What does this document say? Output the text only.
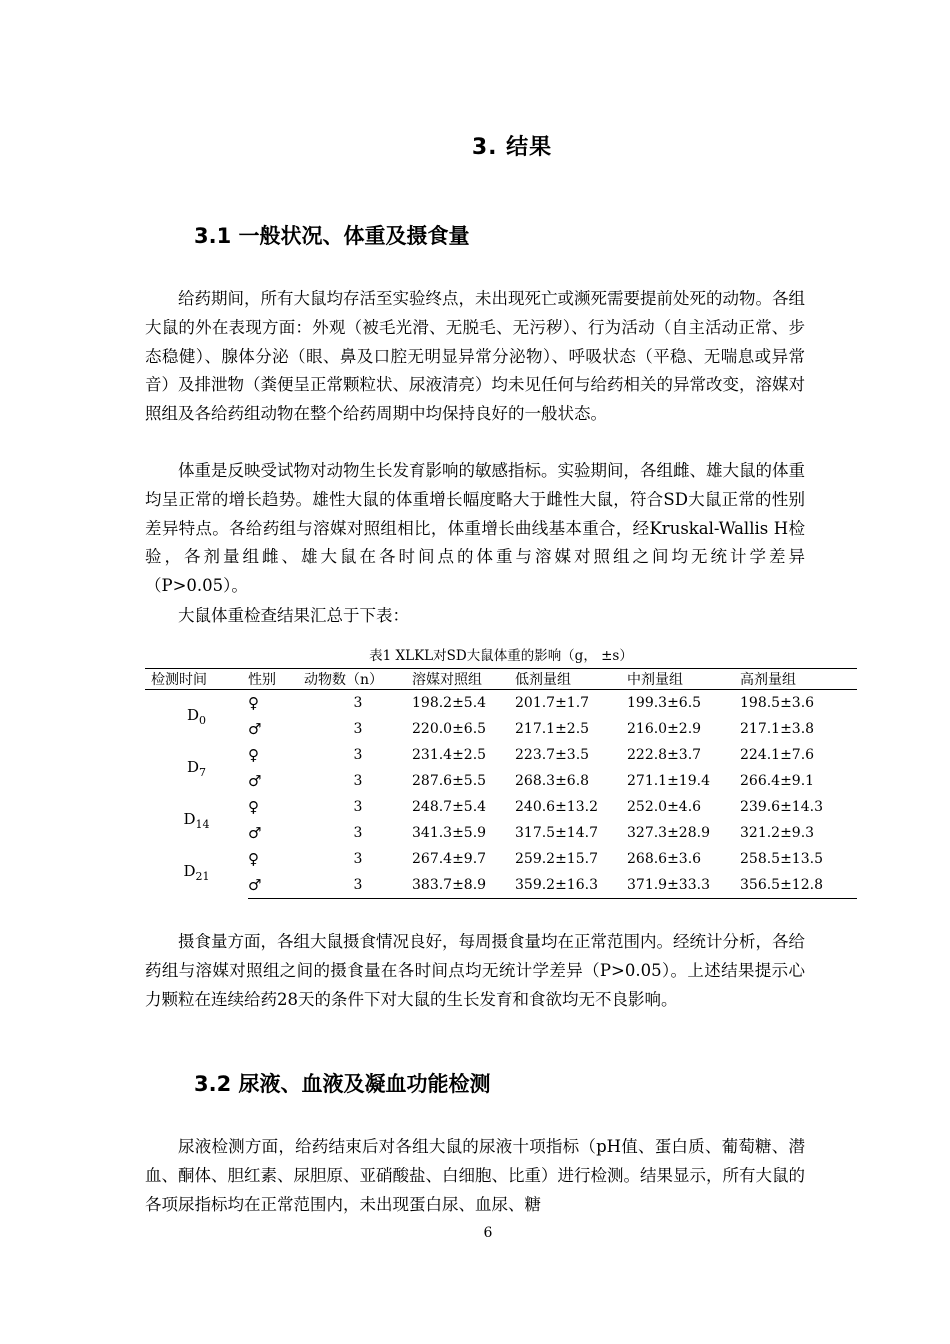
3. 结果
3.1 一般状况、体重及摄食量

给药期间，所有大鼠均存活至实验终点，未出现死亡或濒死需要提前处死的动物。各组大鼠的外在表现方面：外观（被毛光滑、无脱毛、无污秽）、行为活动（自主活动正常、步态稳健）、腺体分泌（眼、鼻及口腔无明显异常分泌物）、呼吸状态（平稳、无喘息或异常音）及排泄物（粪便呈正常颗粒状、尿液清亮）均未见任何与给药相关的异常改变，溶媒对照组及各给药组动物在整个给药周期中均保持良好的一般状态。

体重是反映受试物对动物生长发育影响的敏感指标。实验期间，各组雌、雄大鼠的体重均呈正常的增长趋势。雄性大鼠的体重增长幅度略大于雌性大鼠，符合SD大鼠正常的性别差异特点。各给药组与溶媒对照组相比，体重增长曲线基本重合，经Kruskal-Wallis H检验，各剂量组雌、雄大鼠在各时间点的体重与溶媒对照组之间均无统计学差异（P>0.05）。

大鼠体重检查结果汇总于下表：

表1 XLKL对SD大鼠体重的影响（g， ±s）
检测时间	性别	动物数（n）	溶媒对照组	低剂量组	中剂量组	高剂量组
$D_0$	♀	3	198.2±5.4	201.7±1.7	199.3±6.5	198.5±3.6
	♂	3	220.0±6.5	217.1±2.5	216.0±2.9	217.1±3.8
$D_7$	♀	3	231.4±2.5	223.7±3.5	222.8±3.7	224.1±7.6
	♂	3	287.6±5.5	268.3±6.8	271.1±19.4	266.4±9.1
$D_{14}$	♀	3	248.7±5.4	240.6±13.2	252.0±4.6	239.6±14.3
	♂	3	341.3±5.9	317.5±14.7	327.3±28.9	321.2±9.3
$D_{21}$	♀	3	267.4±9.7	259.2±15.7	268.6±3.6	258.5±13.5
	♂	3	383.7±8.9	359.2±16.3	371.9±33.3	356.5±12.8

摄食量方面，各组大鼠摄食情况良好，每周摄食量均在正常范围内。经统计分析，各给药组与溶媒对照组之间的摄食量在各时间点均无统计学差异（P>0.05）。上述结果提示心力颗粒在连续给药28天的条件下对大鼠的生长发育和食欲均无不良影响。

3.2 尿液、血液及凝血功能检测

尿液检测方面，给药结束后对各组大鼠的尿液十项指标（pH值、蛋白质、葡萄糖、潜血、酮体、胆红素、尿胆原、亚硝酸盐、白细胞、比重）进行检测。结果显示，所有大鼠的各项尿指标均在正常范围内，未出现蛋白尿、血尿、糖

6
